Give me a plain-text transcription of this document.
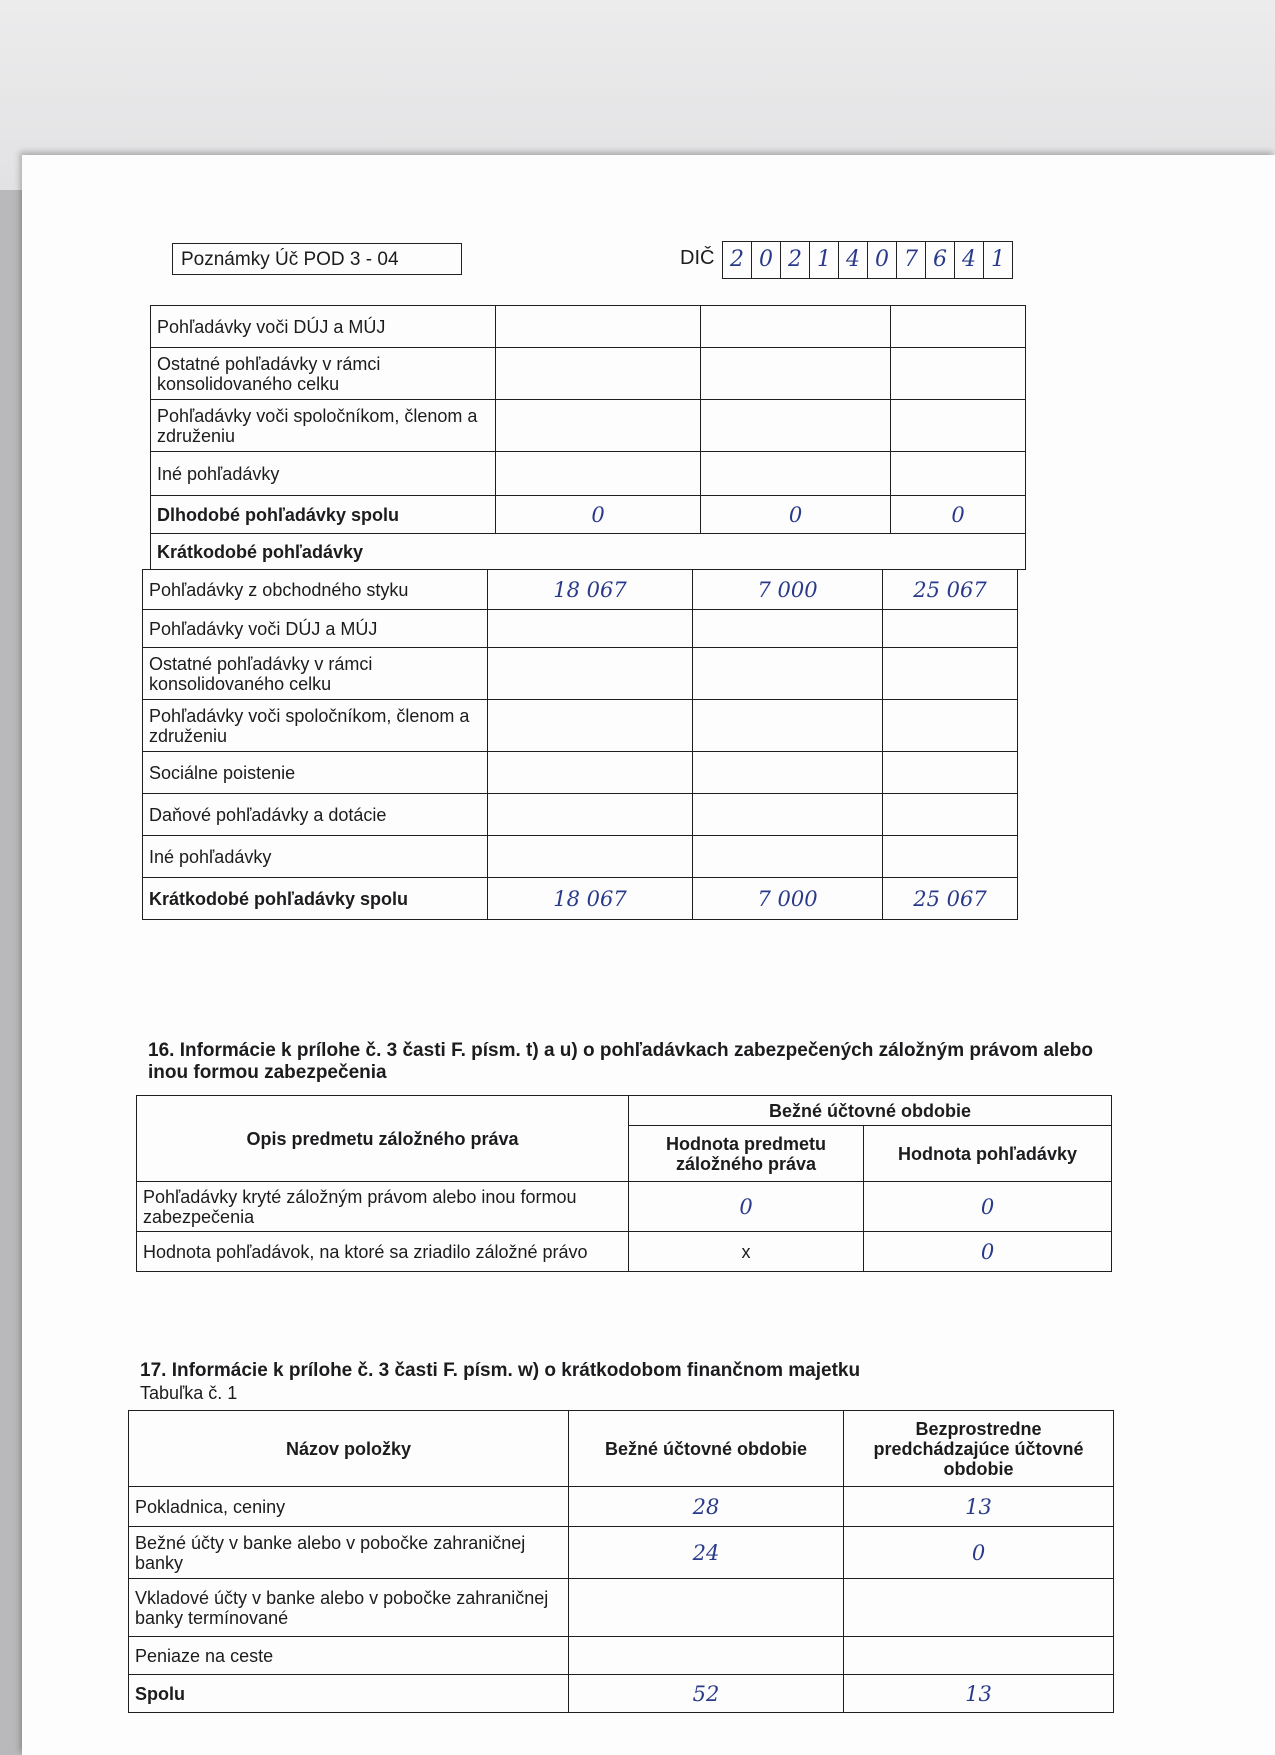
Poznámky Úč POD 3 - 04	DIČ 2 0 2 1 4 0 7 6 4 1
Pohľadávky voči DÚJ a MÚJ			
Ostatné pohľadávky v rámci konsolidovaného celku			
Pohľadávky voči spoločníkom, členom a združeniu			
Iné pohľadávky			
Dlhodobé pohľadávky spolu	0	0	0
Krátkodobé pohľadávky			
Pohľadávky z obchodného styku	18 067	7 000	25 067
Pohľadávky voči DÚJ a MÚJ			
Ostatné pohľadávky v rámci konsolidovaného celku			
Pohľadávky voči spoločníkom, členom a združeniu			
Sociálne poistenie			
Daňové pohľadávky a dotácie			
Iné pohľadávky			
Krátkodobé pohľadávky spolu	18 067	7 000	25 067
16. Informácie k prílohe č. 3 časti F. písm. t) a u) o pohľadávkach zabezpečených záložným právom alebo inou formou zabezpečenia
Opis predmetu záložného práva	Bežné účtovné obdobie	
	Hodnota predmetu záložného práva	Hodnota pohľadávky
Pohľadávky kryté záložným právom alebo inou formou zabezpečenia	0	0
Hodnota pohľadávok, na ktoré sa zriadilo záložné právo	x	0
17. Informácie k prílohe č. 3 časti F. písm. w) o krátkodobom finančnom majetku
Tabuľka č. 1
Názov položky	Bežné účtovné obdobie	Bezprostredne predchádzajúce účtovné obdobie
Pokladnica, ceniny	28	13
Bežné účty v banke alebo v pobočke zahraničnej banky	24	0
Vkladové účty v banke alebo v pobočke zahraničnej banky termínované		
Peniaze na ceste		
Spolu	52	13
